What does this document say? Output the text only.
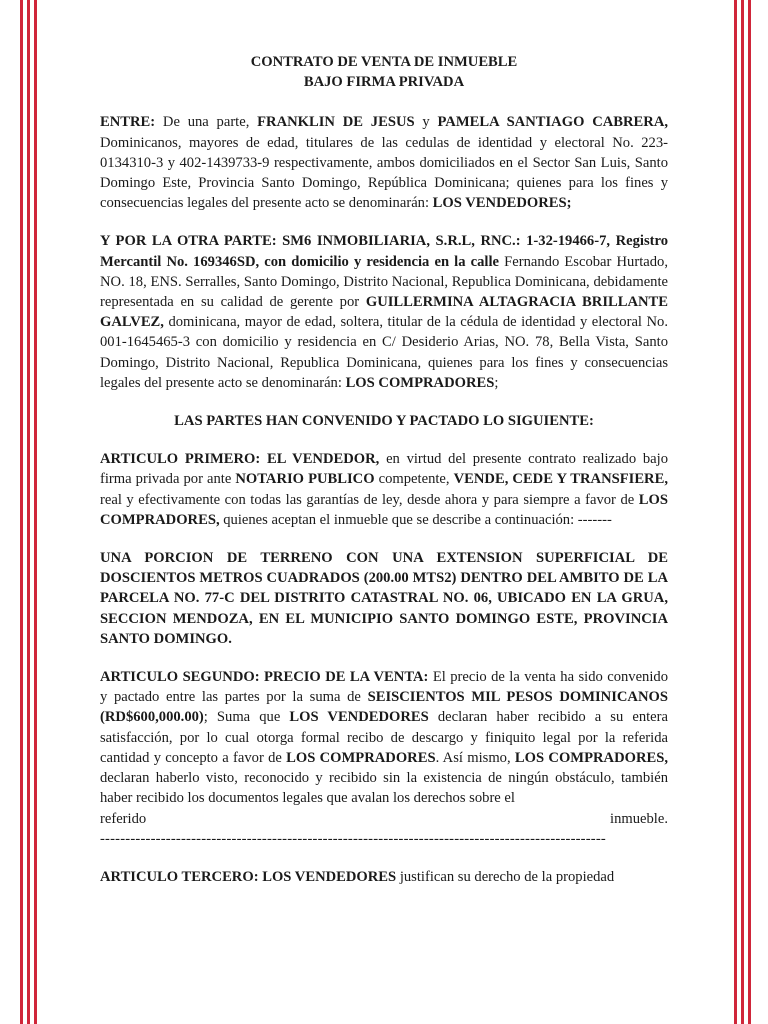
CONTRATO DE VENTA DE INMUEBLE

BAJO FIRMA PRIVADA

ENTRE: De una parte, FRANKLIN DE JESUS y PAMELA SANTIAGO CABRERA, Dominicanos, mayores de edad, titulares de las cedulas de identidad y electoral No. 223-0134310-3 y 402-1439733-9 respectivamente, ambos domiciliados en el Sector San Luis, Santo Domingo Este, Provincia Santo Domingo, República Dominicana; quienes para los fines y consecuencias legales del presente acto se denominarán: LOS VENDEDORES;

Y POR LA OTRA PARTE: SM6 INMOBILIARIA, S.R.L, RNC.: 1-32-19466-7, Registro Mercantil No. 169346SD, con domicilio y residencia en la calle Fernando Escobar Hurtado, NO. 18, ENS. Serralles, Santo Domingo, Distrito Nacional, Republica Dominicana, debidamente representada en su calidad de gerente por GUILLERMINA ALTAGRACIA BRILLANTE GALVEZ, dominicana, mayor de edad, soltera, titular de la cédula de identidad y electoral No. 001-1645465-3 con domicilio y residencia en C/ Desiderio Arias, NO. 78, Bella Vista, Santo Domingo, Distrito Nacional, Republica Dominicana, quienes para los fines y consecuencias legales del presente acto se denominarán: LOS COMPRADORES;

LAS PARTES HAN CONVENIDO Y PACTADO LO SIGUIENTE:

ARTICULO PRIMERO: EL VENDEDOR, en virtud del presente contrato realizado bajo firma privada por ante NOTARIO PUBLICO competente, VENDE, CEDE Y TRANSFIERE, real y efectivamente con todas las garantías de ley, desde ahora y para siempre a favor de LOS COMPRADORES, quienes aceptan el inmueble que se describe a continuación: -------

UNA PORCION DE TERRENO CON UNA EXTENSION SUPERFICIAL DE DOSCIENTOS METROS CUADRADOS (200.00 MTS2) DENTRO DEL AMBITO DE LA PARCELA NO. 77-C DEL DISTRITO CATASTRAL NO. 06, UBICADO EN LA GRUA, SECCION MENDOZA, EN EL MUNICIPIO SANTO DOMINGO ESTE, PROVINCIA SANTO DOMINGO.

ARTICULO SEGUNDO: PRECIO DE LA VENTA: El precio de la venta ha sido convenido y pactado entre las partes por la suma de SEISCIENTOS MIL PESOS DOMINICANOS (RD$600,000.00); Suma que LOS VENDEDORES declaran haber recibido a su entera satisfacción, por lo cual otorga formal recibo de descargo y finiquito legal por la referida cantidad y concepto a favor de LOS COMPRADORES. Así mismo, LOS COMPRADORES, declaran haberlo visto, reconocido y recibido sin la existencia de ningún obstáculo, también haber recibido los documentos legales que avalan los derechos sobre el

referido	inmueble.
----------------------------------------------------------------------------------------------------

ARTICULO TERCERO: LOS VENDEDORES justifican su derecho de la propiedad
